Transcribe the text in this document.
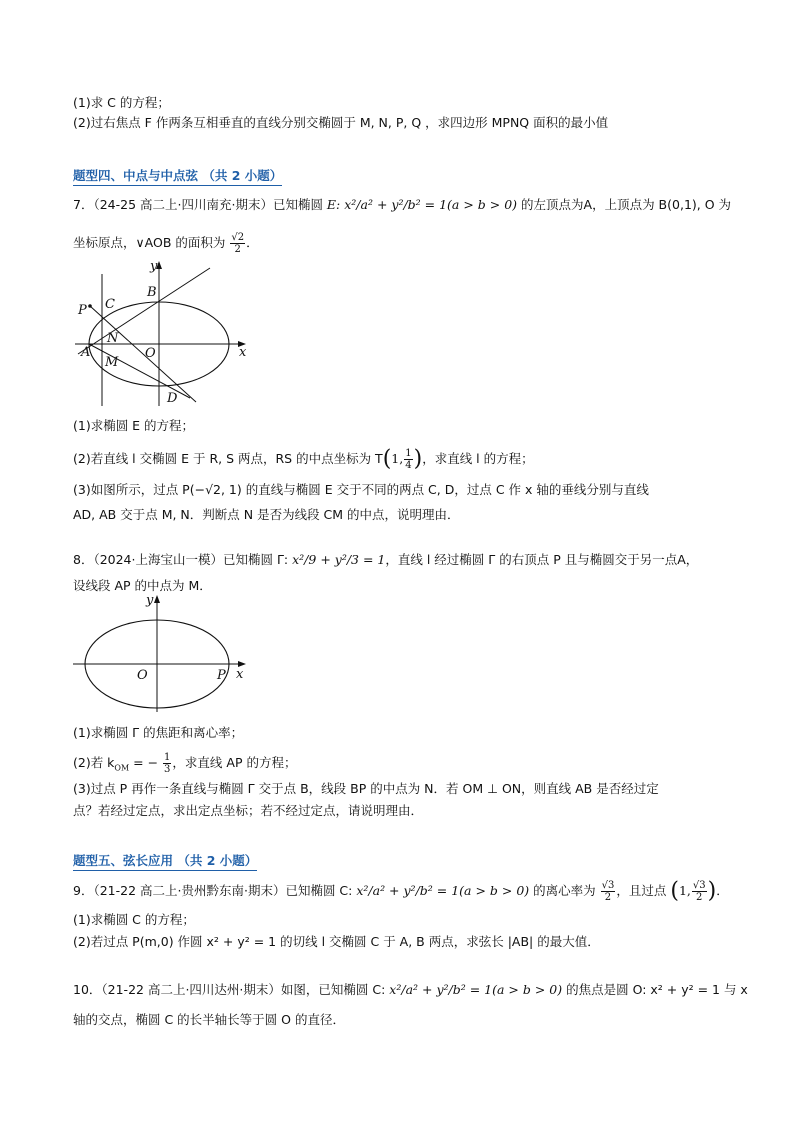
(1)求 C 的方程；
(2)过右焦点 F 作两条互相垂直的直线分别交椭圆于 M, N, P, Q ，求四边形 MPNQ 面积的最小值
题型四、中点与中点弦 （共 2 小题）
7．（24-25 高二上·四川南充·期末）已知椭圆 E: x²/a² + y²/b² = 1(a > b > 0) 的左顶点为A，上顶点为 B(0,1), O 为
坐标原点，∨AOB 的面积为 $\frac{√2}{2}$ ．
y
x
P C
B
N
A	O
M
D
(1)求椭圆 E 的方程；
(2)若直线 l 交椭圆 E 于 R, S 两点，RS 的中点坐标为 T(1, $\frac{1}{4}$ )，求直线 l 的方程；
(3)如图所示，过点 P(−√2, 1) 的直线与椭圆 E 交于不同的两点 C, D，过点 C 作 x 轴的垂线分别与直线
AD, AB 交于点 M, N．判断点 N 是否为线段 CM 的中点，说明理由．
8．（2024·上海宝山一模）已知椭圆 Γ: x²/9 + y²/3 = 1，直线 l 经过椭圆 Γ 的右顶点 P 且与椭圆交于另一点A，
设线段 AP 的中点为 M．
y
x
O	P
(1)求椭圆 Γ 的焦距和离心率；
(2)若 $k_{OM}$ = − $\frac{1}{3}$ ，求直线 AP 的方程；
(3)过点 P 再作一条直线与椭圆 Γ 交于点 B，线段 BP 的中点为 N．若 OM ⊥ ON，则直线 AB 是否经过定
点？若经过定点，求出定点坐标；若不经过定点，请说明理由．
题型五、弦长应用 （共 2 小题）
9．（21-22 高二上·贵州黔东南·期末）已知椭圆 C: x²/a² + y²/b² = 1(a > b > 0) 的离心率为 $\frac{√3}{2}$ ，且过点 (1, $\frac{√3}{2}$ )．
(1)求椭圆 C 的方程；
(2)若过点 P(m,0) 作圆 x² + y² = 1 的切线 l 交椭圆 C 于 A, B 两点，求弦长 |AB| 的最大值．
10．（21-22 高二上·四川达州·期末）如图，已知椭圆 C: x²/a² + y²/b² = 1(a > b > 0) 的焦点是圆 O: x² + y² = 1 与 x
轴的交点，椭圆 C 的长半轴长等于圆 O 的直径．
